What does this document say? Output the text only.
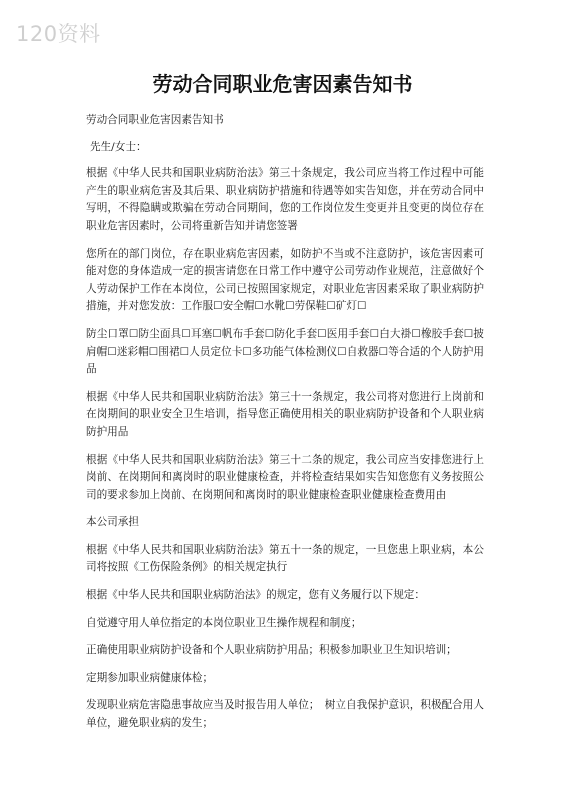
120资料
劳动合同职业危害因素告知书

劳动合同职业危害因素告知书

先生/女士：

根据《中华人民共和国职业病防治法》第三十条规定，我公司应当将工作过程中可能产生的职业病危害及其后果、职业病防护措施和待遇等如实告知您，并在劳动合同中写明，不得隐瞒或欺骗在劳动合同期间，您的工作岗位发生变更并且变更的岗位存在职业危害因素时，公司将重新告知并请您签署

您所在的部门岗位，存在职业病危害因素，如防护不当或不注意防护，该危害因素可能对您的身体造成一定的损害请您在日常工作中遵守公司劳动作业规范，注意做好个人劳动保护工作在本岗位，公司已按照国家规定，对职业危害因素采取了职业病防护措施，并对您发放：工作服☐安全帽☐水靴☐劳保鞋☐矿灯☐

防尘口罩☐防尘面具☐耳塞☐帆布手套☐防化手套☐医用手套☐白大褂☐橡胶手套☐披肩帽☐迷彩帽☐围裙☐人员定位卡☐多功能气体检测仪☐自救器☐等合适的个人防护用品

根据《中华人民共和国职业病防治法》第三十一条规定，我公司将对您进行上岗前和在岗期间的职业安全卫生培训，指导您正确使用相关的职业病防护设备和个人职业病防护用品

根据《中华人民共和国职业病防治法》第三十二条的规定，我公司应当安排您进行上岗前、在岗期间和离岗时的职业健康检查，并将检查结果如实告知您您有义务按照公司的要求参加上岗前、在岗期间和离岗时的职业健康检查职业健康检查费用由

本公司承担

根据《中华人民共和国职业病防治法》第五十一条的规定，一旦您患上职业病，本公司将按照《工伤保险条例》的相关规定执行

根据《中华人民共和国职业病防治法》的规定，您有义务履行以下规定：

自觉遵守用人单位指定的本岗位职业卫生操作规程和制度；

正确使用职业病防护设备和个人职业病防护用品；积极参加职业卫生知识培训；

定期参加职业病健康体检；

发现职业病危害隐患事故应当及时报告用人单位；　树立自我保护意识，积极配合用人单位，避免职业病的发生；
